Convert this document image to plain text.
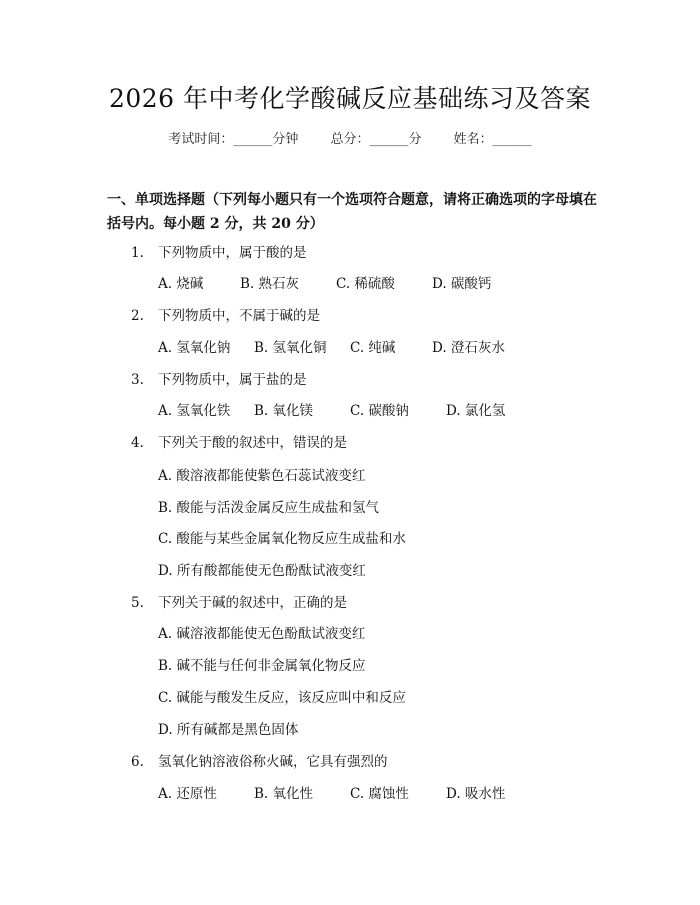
2026 年中考化学酸碱反应基础练习及答案
考试时间：______分钟 总分：______分 姓名：______
一、单项选择题（下列每小题只有一个选项符合题意，请将正确选项的字母填在括号内。每小题 2 分，共 20 分）
1. 下列物质中，属于酸的是
A. 烧碱	B. 熟石灰	C. 稀硫酸	D. 碳酸钙
2. 下列物质中，不属于碱的是
A. 氢氧化钠 B. 氢氧化铜 C. 纯碱	D. 澄石灰水
3. 下列物质中，属于盐的是
A. 氢氧化铁 B. 氧化镁	C. 碳酸钠	D. 氯化氢
4. 下列关于酸的叙述中，错误的是
A. 酸溶液都能使紫色石蕊试液变红
B. 酸能与活泼金属反应生成盐和氢气
C. 酸能与某些金属氧化物反应生成盐和水
D. 所有酸都能使无色酚酞试液变红
5. 下列关于碱的叙述中，正确的是
A. 碱溶液都能使无色酚酞试液变红
B. 碱不能与任何非金属氧化物反应
C. 碱能与酸发生反应，该反应叫中和反应
D. 所有碱都是黑色固体
6. 氢氧化钠溶液俗称火碱，它具有强烈的
A. 还原性	B. 氧化性	C. 腐蚀性	D. 吸水性
